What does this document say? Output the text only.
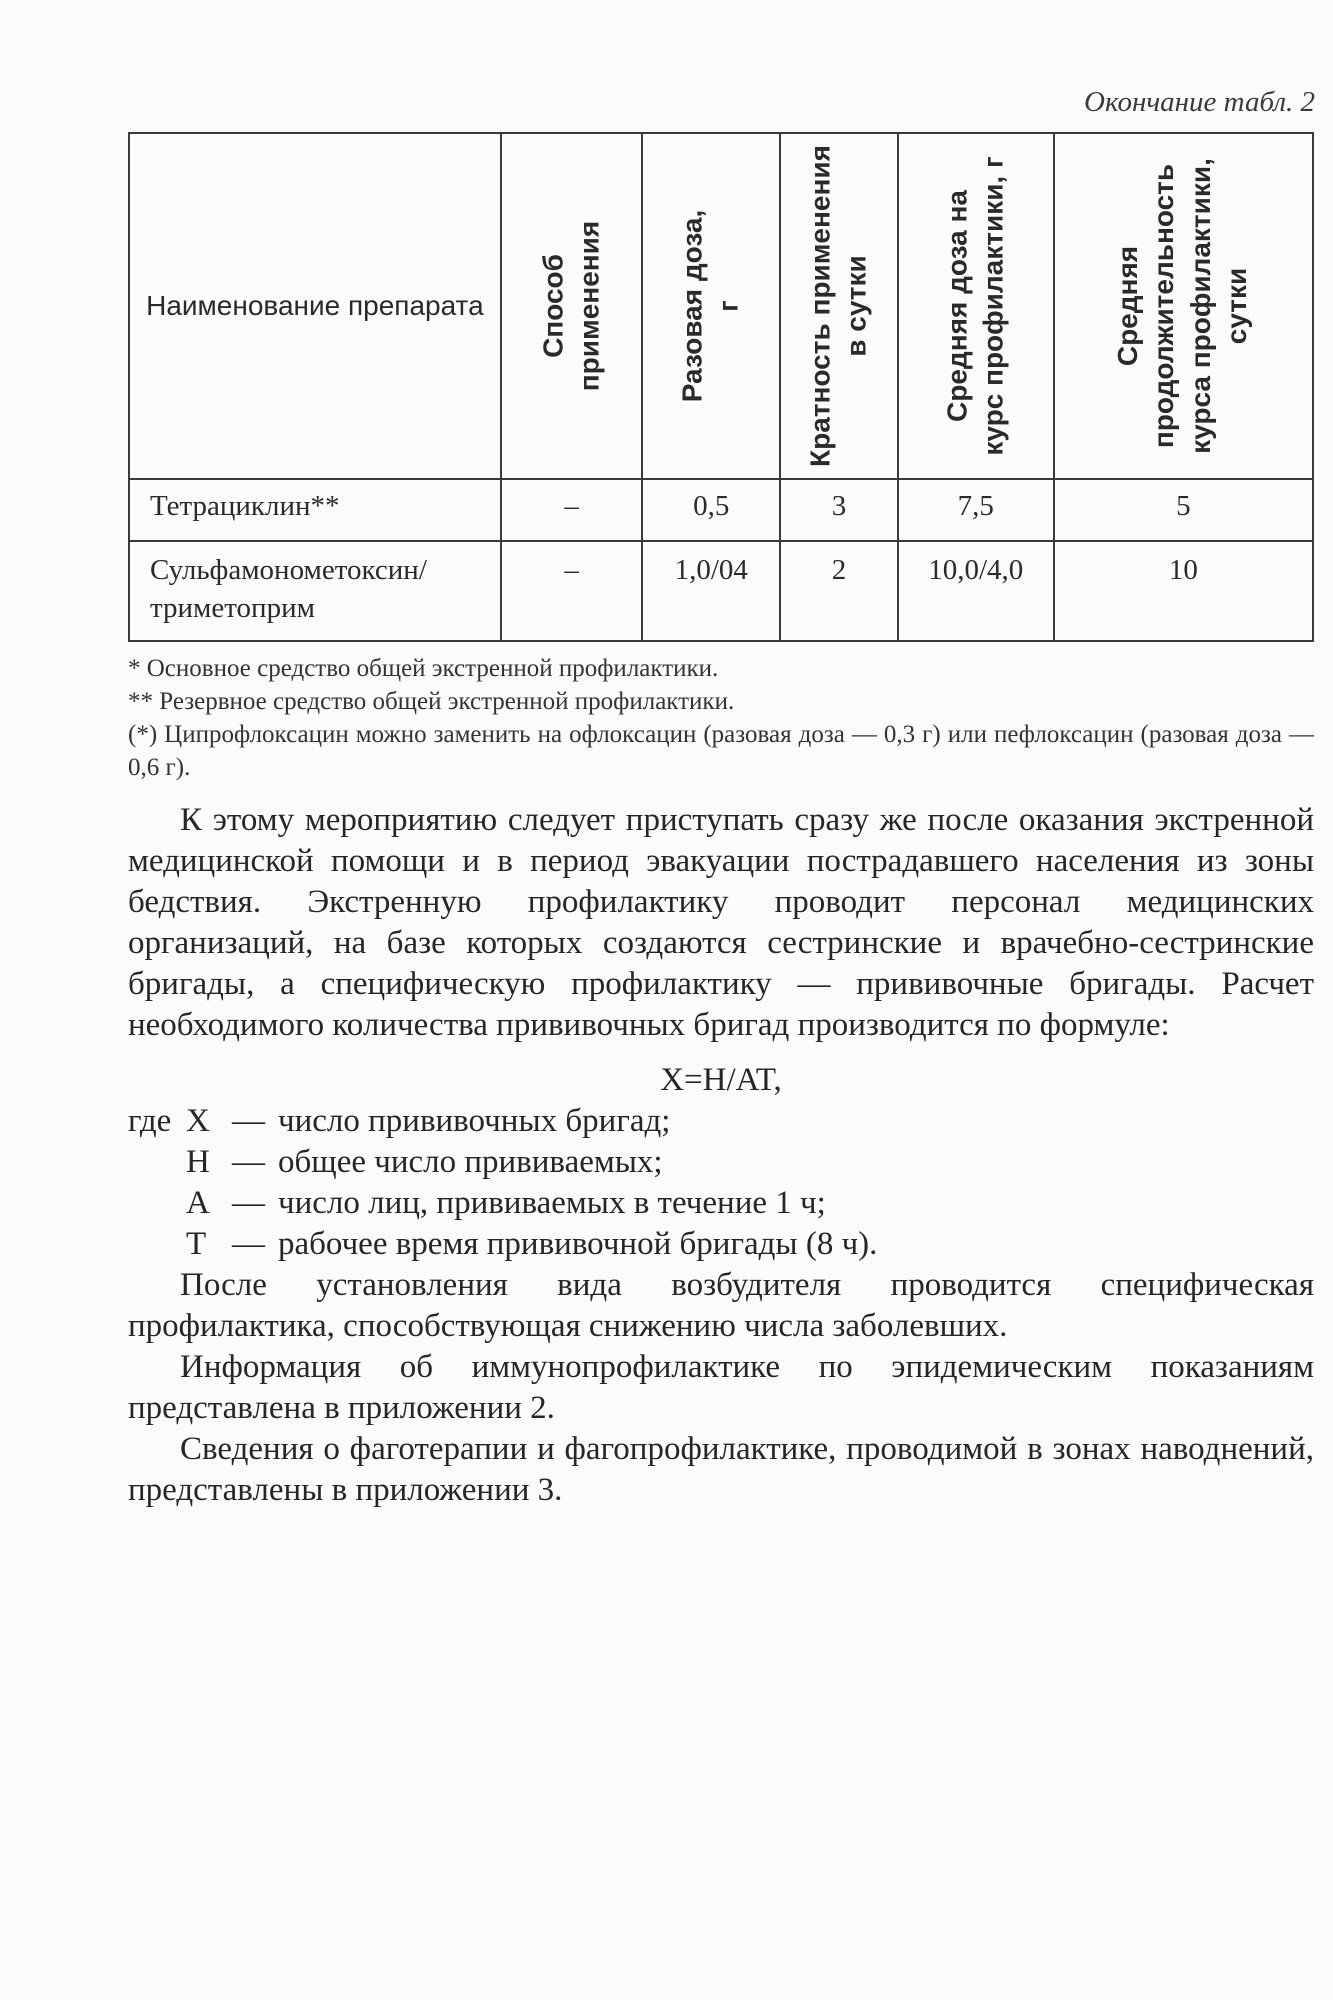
Окончание табл. 2
Наименование препарата	Способ применения	Разовая доза, г	Кратность применения в сутки	Средняя доза на курс профилактики, г	Средняя продолжительность курса профилактики, сутки

Тетрациклин**	–	0,5	3	7,5	5
Сульфамонометоксин/ триметоприм	–	1,0/04	2	10,0/4,0	10

* Основное средство общей экстренной профилактики.

** Резервное средство общей экстренной профилактики.

(*) Ципрофлоксацин можно заменить на офлоксацин (разовая доза — 0,3 г) или пефлоксацин (разовая доза — 0,6 г).

К этому мероприятию следует приступать сразу же после оказания экстренной медицинской помощи и в период эвакуации пострадавшего населения из зоны бедствия. Экстренную профилактику проводит персонал медицинских организаций, на базе которых создаются сестринские и врачебно-сестринские бригады, а специфическую профилактику — прививочные бригады. Расчет необходимого количества прививочных бригад производится по формуле:

X=H/AT,
где X — число прививочных бригад;
Н — общее число прививаемых;
А — число лиц, прививаемых в течение 1 ч;
Т — рабочее время прививочной бригады (8 ч).

После установления вида возбудителя проводится специфическая профилактика, способствующая снижению числа заболевших.

Информация об иммунопрофилактике по эпидемическим показаниям представлена в приложении 2.

Сведения о фаготерапии и фагопрофилактике, проводимой в зонах наводнений, представлены в приложении 3.
